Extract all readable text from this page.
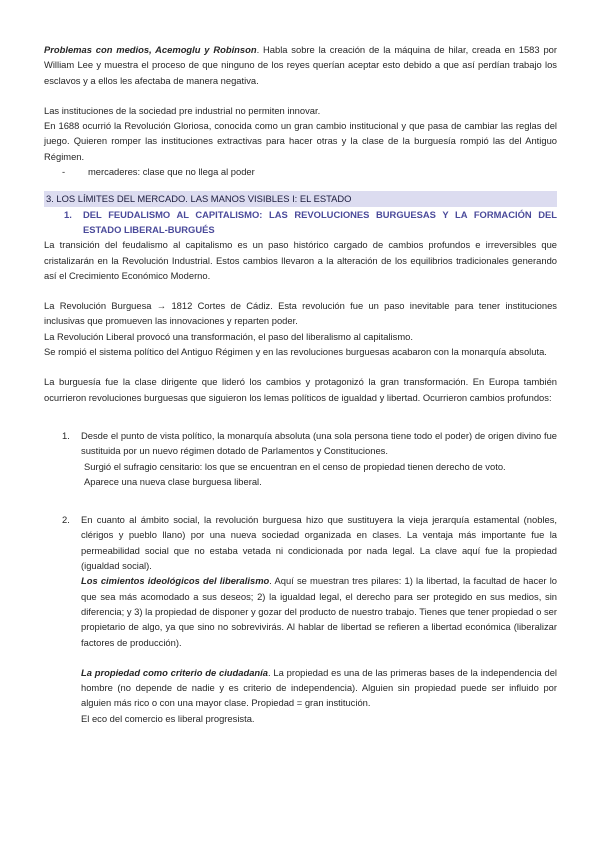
Problemas con medios, Acemoglu y Robinson. Habla sobre la creación de la máquina de hilar, creada en 1583 por William Lee y muestra el proceso de que ninguno de los reyes querían aceptar esto debido a que así perdían trabajo los esclavos y a ellos les afectaba de manera negativa.

Las instituciones de la sociedad pre industrial no permiten innovar.

En 1688 ocurrió la Revolución Gloriosa, conocida como un gran cambio institucional y que pasa de cambiar las reglas del juego. Quieren romper las instituciones extractivas para hacer otras y la clase de la burguesía rompió las del Antiguo Régimen.

-	mercaderes: clase que no llega al poder
3. LOS LÍMITES DEL MERCADO. LAS MANOS VISIBLES I: EL ESTADO
1.	DEL FEUDALISMO AL CAPITALISMO: LAS REVOLUCIONES BURGUESAS Y LA FORMACIÓN DEL ESTADO LIBERAL-BURGUÉS

La transición del feudalismo al capitalismo es un paso histórico cargado de cambios profundos e irreversibles que cristalizarán en la Revolución Industrial. Estos cambios llevaron a la alteración de los equilibrios tradicionales generando así el Crecimiento Económico Moderno.

La Revolución Burguesa → 1812 Cortes de Cádiz. Esta revolución fue un paso inevitable para tener instituciones inclusivas que promueven las innovaciones y reparten poder.

La Revolución Liberal provocó una transformación, el paso del liberalismo al capitalismo.

Se rompió el sistema político del Antiguo Régimen y en las revoluciones burguesas acabaron con la monarquía absoluta.

La burguesía fue la clase dirigente que lideró los cambios y protagonizó la gran transformación. En Europa también ocurrieron revoluciones burguesas que siguieron los lemas políticos de igualdad y libertad. Ocurrieron cambios profundos:

1.	Desde el punto de vista político, la monarquía absoluta (una sola persona tiene todo el poder) de origen divino fue sustituida por un nuevo régimen dotado de Parlamentos y Constituciones.

Surgió el sufragio censitario: los que se encuentran en el censo de propiedad tienen derecho de voto.

Aparece una nueva clase burguesa liberal.

2.	En cuanto al ámbito social, la revolución burguesa hizo que sustituyera la vieja jerarquía estamental (nobles, clérigos y pueblo llano) por una nueva sociedad organizada en clases. La ventaja más importante fue la permeabilidad social que no estaba vetada ni condicionada por nada legal. La clave aquí fue la propiedad (igualdad social).

Los cimientos ideológicos del liberalismo. Aquí se muestran tres pilares: 1) la libertad, la facultad de hacer lo que sea más acomodado a sus deseos; 2) la igualdad legal, el derecho para ser protegido en sus medios, sin diferencia; y 3) la propiedad de disponer y gozar del producto de nuestro trabajo. Tienes que tener propiedad o ser propietario de algo, ya que sino no sobrevivirás. Al hablar de libertad se refieren a libertad económica (liberalizar factores de producción).

La propiedad como criterio de ciudadanía. La propiedad es una de las primeras bases de la independencia del hombre (no depende de nadie y es criterio de independencia). Alguien sin propiedad puede ser influido por alguien más rico o con una mayor clase. Propiedad = gran institución.

El eco del comercio es liberal progresista.
